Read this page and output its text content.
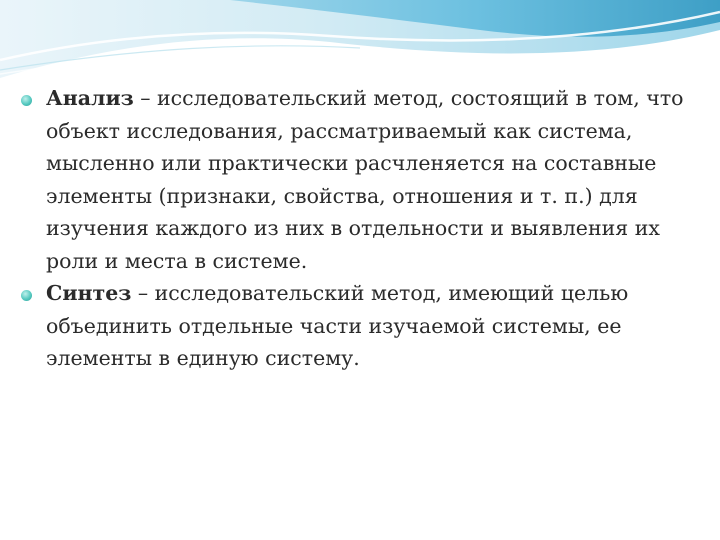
Анализ – исследовательский метод, состоящий в том, что объект исследования, рассматриваемый как система, мысленно или практически расчленяется на составные элементы (признаки, свойства, отношения и т. п.) для изучения каждого из них в отдельности и выявления их роли и места в системе.

Синтез – исследовательский метод, имеющий целью объединить отдельные части изучаемой системы, ее элементы в единую систему.
